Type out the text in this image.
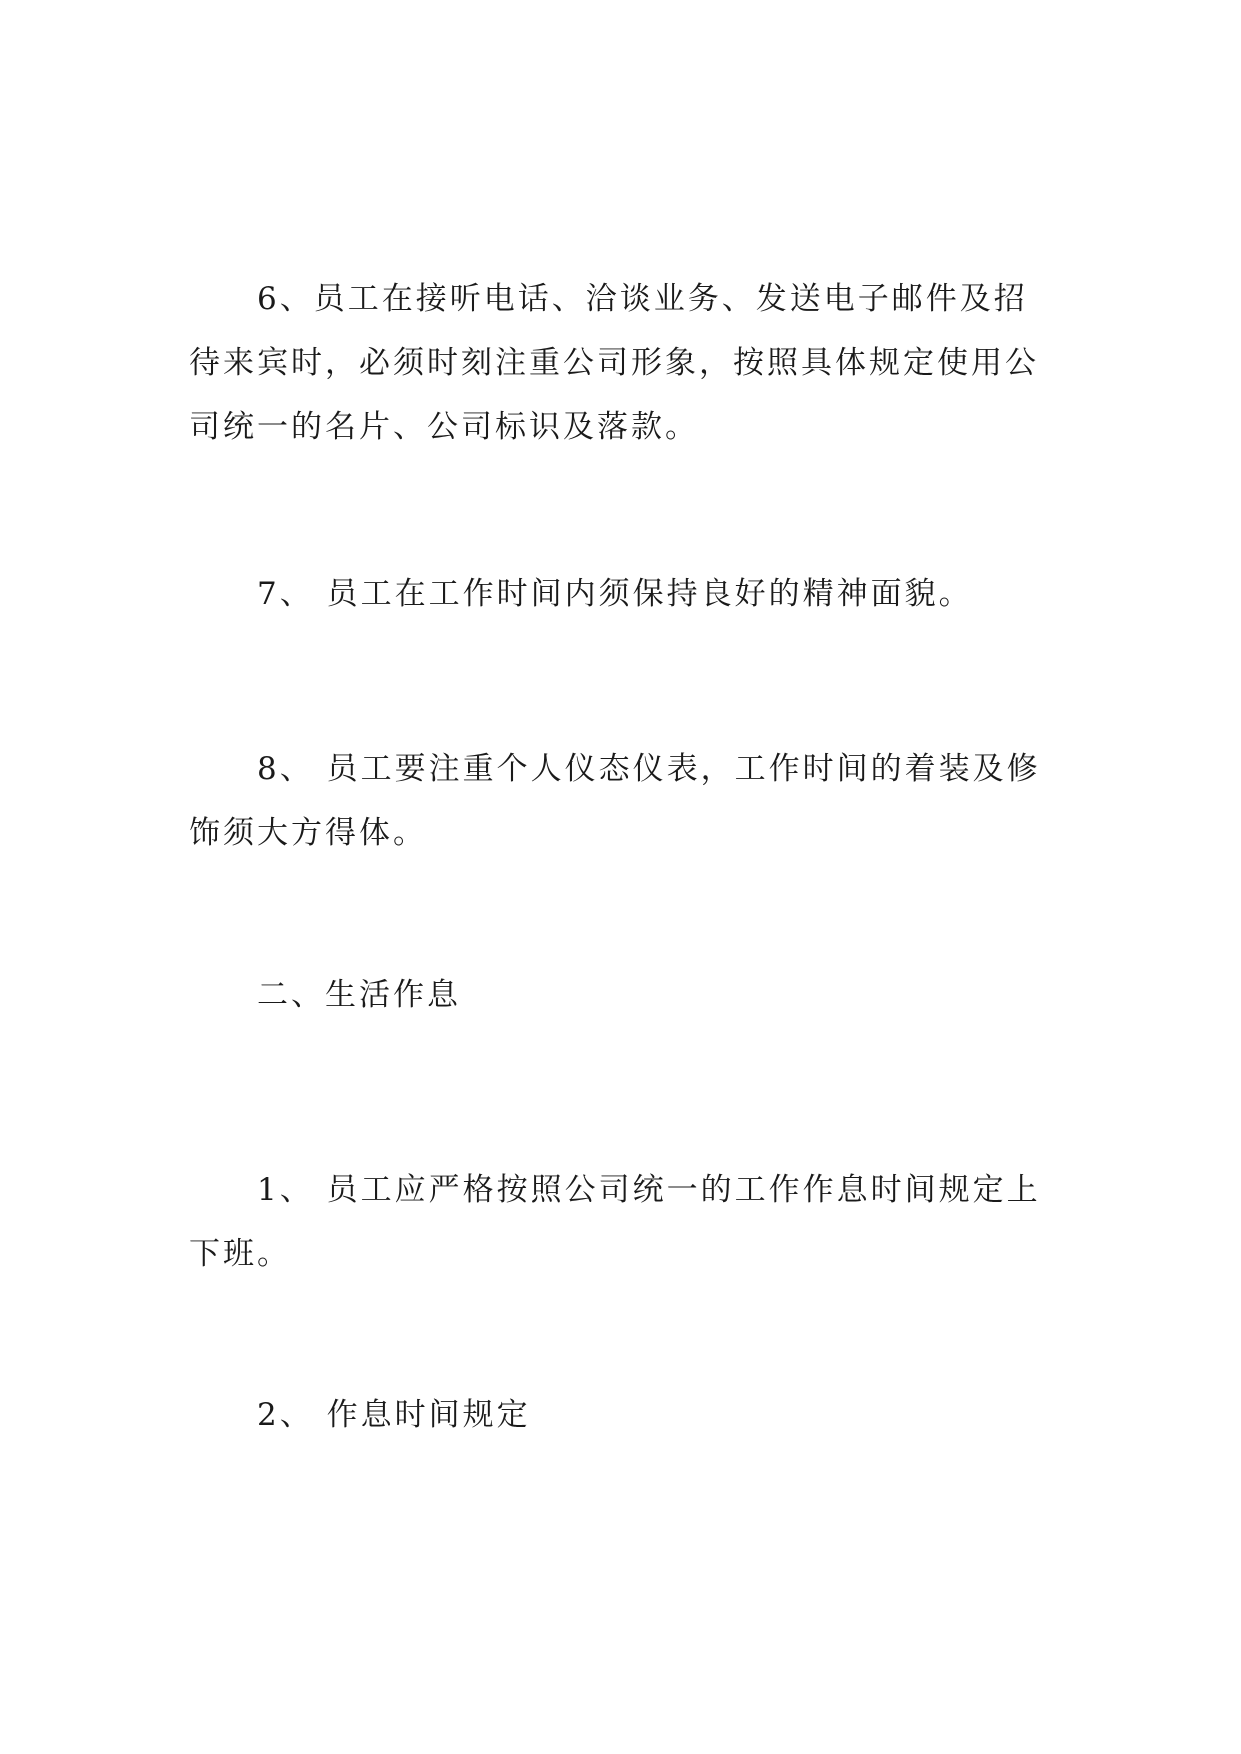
6、员工在接听电话、洽谈业务、发送电子邮件及招待来宾时，必须时刻注重公司形象，按照具体规定使用公司统一的名片、公司标识及落款。

7、 员工在工作时间内须保持良好的精神面貌。

8、 员工要注重个人仪态仪表，工作时间的着装及修饰须大方得体。

二、生活作息

1、 员工应严格按照公司统一的工作作息时间规定上下班。

2、 作息时间规定
